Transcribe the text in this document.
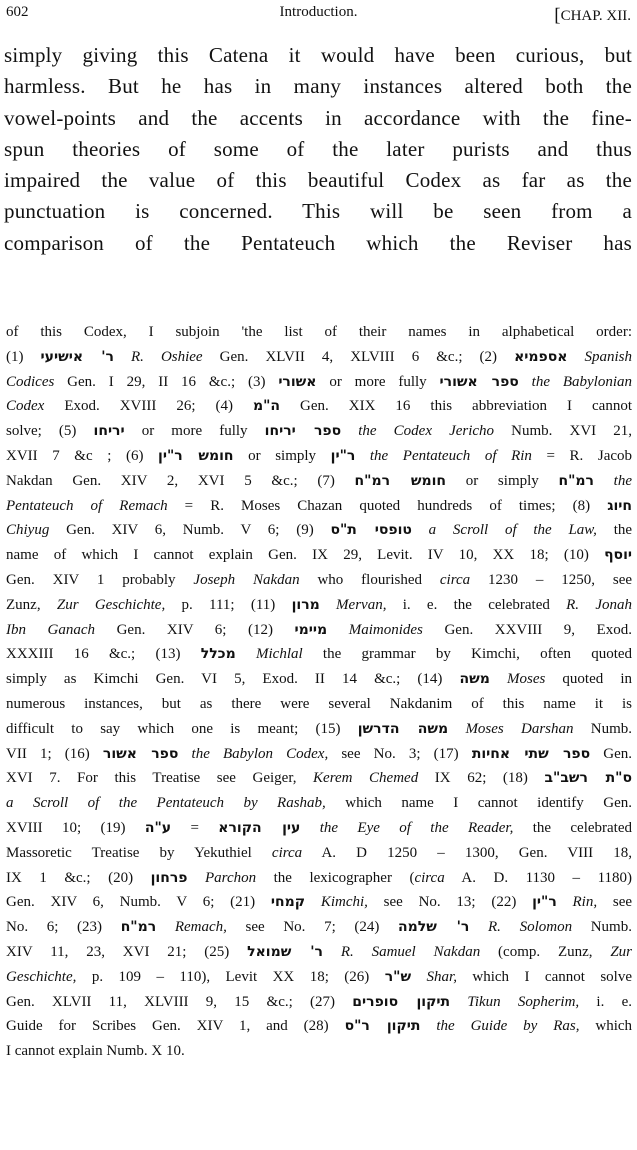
602	Introduction.	[CHAP. XII.
simply giving this Catena it would have been curious, but
harmless. But he has in many instances altered both the
vowel-points and the accents in accordance with the fine-
spun theories of some of the later purists and thus
impaired the value of this beautiful Codex as far as the
punctuation is concerned. This will be seen from a
comparison of the Pentateuch which the Reviser has
of this Codex, I subjoin 'the list of their names in alphabetical order:
(1) ר' אישיעי R. Oshiee Gen. XLVII 4, XLVIII 6 &c.; (2) אספמיא Spanish
Codices Gen. I 29, II 16 &c.; (3) אשורי or more fully ספר אשורי the Babylonian
Codex Exod. XVIII 26; (4) ה"מ Gen. XIX 16 this abbreviation I cannot
solve; (5) יריחו or more fully ספר יריחו the Codex Jericho Numb. XVI 21,
XVII 7 &c ; (6) חומש ר"ין or simply ר"ין the Pentateuch of Rin = R. Jacob
Nakdan Gen. XIV 2, XVI 5 &c.; (7) חומש רמ"ח or simply רמ"ח the
Pentateuch of Remach = R. Moses Chazan quoted hundreds of times; (8) חיוג
Chiyug Gen. XIV 6, Numb. V 6; (9) טופסי ת"ס a Scroll of the Law, the
name of which I cannot explain Gen. IX 29, Levit. IV 10, XX 18; (10) יוסף
Gen. XIV 1 probably Joseph Nakdan who flourished circa 1230 – 1250, see
Zunz, Zur Geschichte, p. 111; (11) מרון Mervan, i. e. the celebrated R. Jonah
Ibn Ganach Gen. XIV 6; (12) מיימי Maimonides Gen. XXVIII 9, Exod.
XXXIII 16 &c.; (13) מכלל Michlal the grammar by Kimchi, often quoted
simply as Kimchi Gen. VI 5, Exod. II 14 &c.; (14) משה Moses quoted in
numerous instances, but as there were several Nakdanim of this name it is
difficult to say which one is meant; (15) משה הדרשן Moses Darshan Numb.
VII 1; (16) ספר אשור the Babylon Codex, see No. 3; (17) ספר שתי אחיות Gen.
XVI 7. For this Treatise see Geiger, Kerem Chemed IX 62; (18) ס"ת רשב"ב
a Scroll of the Pentateuch by Rashab, which name I cannot identify Gen.
XVIII 10; (19) ע"ה = עין הקורא the Eye of the Reader, the celebrated
Massoretic Treatise by Yekuthiel circa A. D 1250 – 1300, Gen. VIII 18,
IX 1 &c.; (20) פרחון Parchon the lexicographer (circa A. D. 1130 – 1180)
Gen. XIV 6, Numb. V 6; (21) קמחי Kimchi, see No. 13; (22) ר"ין Rin, see
No. 6; (23) רמ"ח Remach, see No. 7; (24) ר' שלמה R. Solomon Numb.
XIV 11, 23, XVI 21; (25) ר' שמואל R. Samuel Nakdan (comp. Zunz, Zur
Geschichte, p. 109 – 110), Levit XX 18; (26) ש"ר Shar, which I cannot solve
Gen. XLVII 11, XLVIII 9, 15 &c.; (27) תיקון סופרים Tikun Sopherim, i. e.
Guide for Scribes Gen. XIV 1, and (28) תיקון ר"ס the Guide by Ras, which
I cannot explain Numb. X 10.
